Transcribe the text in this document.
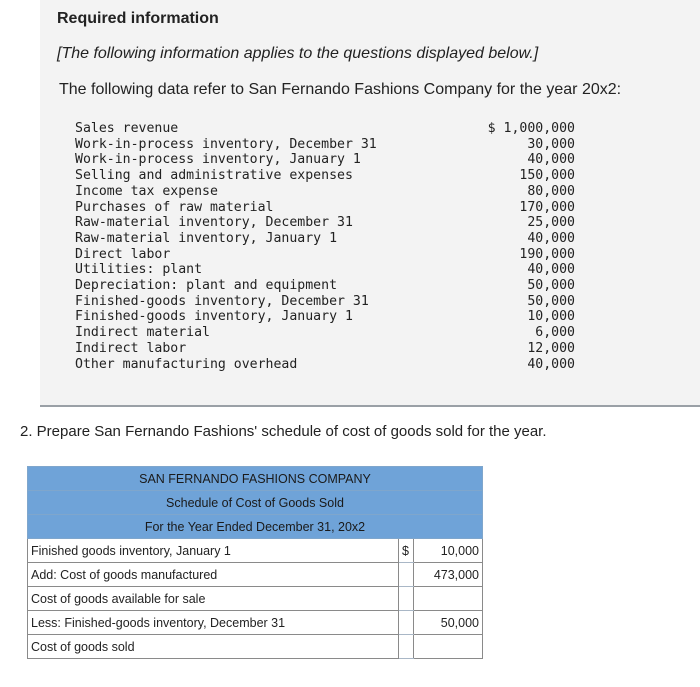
Required information
[The following information applies to the questions displayed below.]
The following data refer to San Fernando Fashions Company for the year 20x2:
Sales revenue	$ 1,000,000
Work-in-process inventory, December 31	30,000
Work-in-process inventory, January 1	40,000
Selling and administrative expenses	150,000
Income tax expense	80,000
Purchases of raw material	170,000
Raw-material inventory, December 31	25,000
Raw-material inventory, January 1	40,000
Direct labor	190,000
Utilities: plant	40,000
Depreciation: plant and equipment	50,000
Finished-goods inventory, December 31	50,000
Finished-goods inventory, January 1	10,000
Indirect material	6,000
Indirect labor	12,000
Other manufacturing overhead	40,000
2. Prepare San Fernando Fashions' schedule of cost of goods sold for the year.
SAN FERNANDO FASHIONS COMPANY		
Schedule of Cost of Goods Sold		
For the Year Ended December 31, 20x2		
Finished goods inventory, January 1	$	10,000
Add: Cost of goods manufactured		473,000
Cost of goods available for sale		
Less: Finished-goods inventory, December 31		50,000
Cost of goods sold		
